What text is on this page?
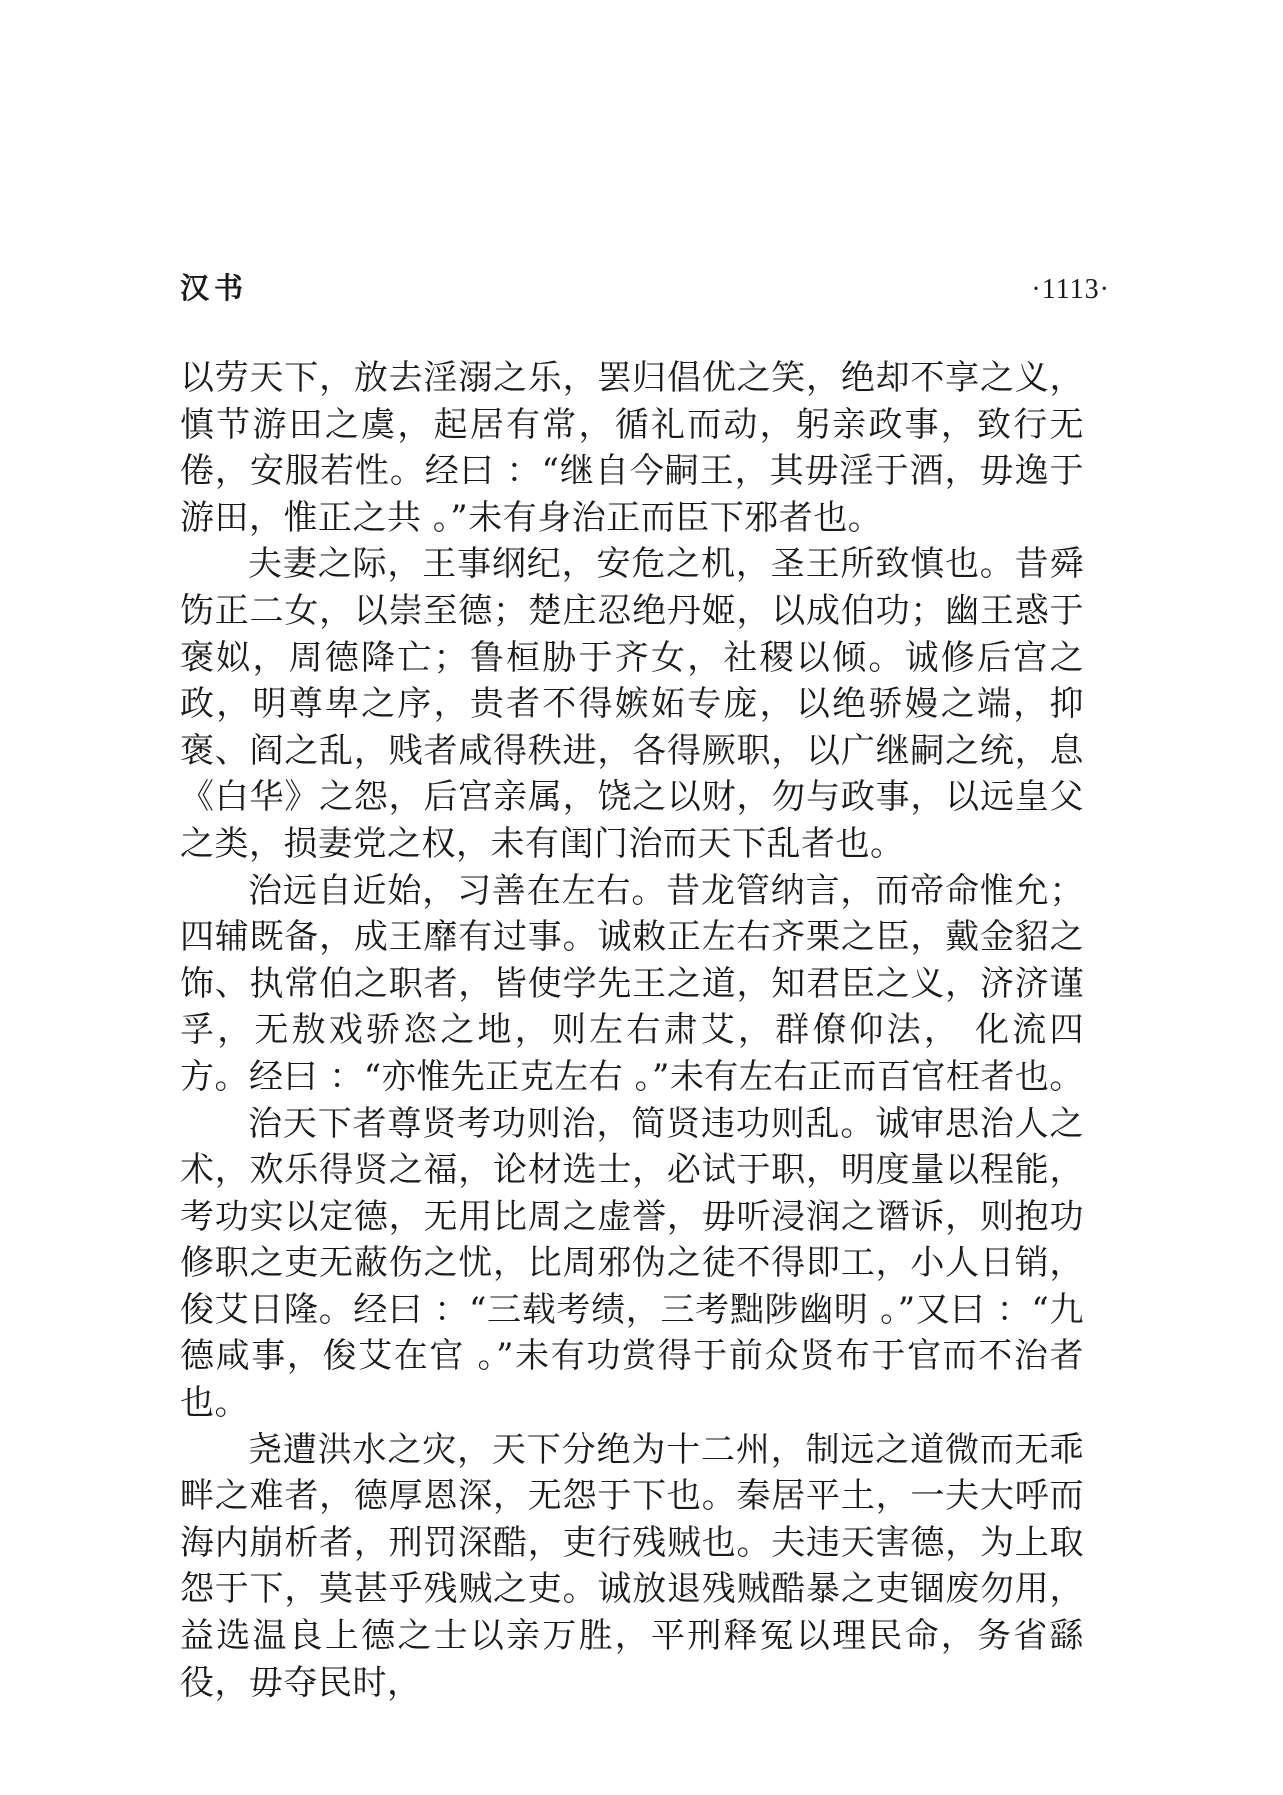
汉书	·1113·

以劳天下，放去淫溺之乐，罢归倡优之笑，绝却不享之义，慎节游田之虞，起居有常，循礼而动，躬亲政事，致行无倦，安服若性。经曰 ：“继自今嗣王，其毋淫于酒，毋逸于游田，惟正之共 。”未有身治正而臣下邪者也。

夫妻之际，王事纲纪，安危之机，圣王所致慎也。昔舜饬正二女，以崇至德；楚庄忍绝丹姬，以成伯功；幽王惑于褒姒，周德降亡；鲁桓胁于齐女，社稷以倾。诚修后宫之政，明尊卑之序，贵者不得嫉妬专庞，以绝骄嫚之端，抑褒、阎之乱，贱者咸得秩进，各得厥职，以广继嗣之统，息《白华》之怨，后宫亲属，饶之以财，勿与政事，以远皇父之类，损妻党之权，未有闺门治而天下乱者也。

治远自近始，习善在左右。昔龙管纳言，而帝命惟允；四辅既备，成王靡有过事。诚敕正左右齐栗之臣，戴金貂之饰、执常伯之职者，皆使学先王之道，知君臣之义，济济谨孚，无敖戏骄恣之地，则左右肃艾，群僚仰法， 化流四方。经曰 ：“亦惟先正克左右 。”未有左右正而百官枉者也。

治天下者尊贤考功则治，简贤违功则乱。诚审思治人之术，欢乐得贤之福，论材选士，必试于职，明度量以程能，考功实以定德，无用比周之虚誉，毋听浸润之谮诉，则抱功修职之吏无蔽伤之忧，比周邪伪之徒不得即工，小人日销，俊艾日隆。经曰 ：“三载考绩，三考黜陟幽明 。”又曰 ：“九德咸事，俊艾在官 。”未有功赏得于前众贤布于官而不治者也。

尧遭洪水之灾，天下分绝为十二州，制远之道微而无乖畔之难者，德厚恩深，无怨于下也。秦居平土，一夫大呼而海内崩析者，刑罚深酷，吏行残贼也。夫违天害德，为上取怨于下，莫甚乎残贼之吏。诚放退残贼酷暴之吏锢废勿用，益选温良上德之士以亲万胜，平刑释冤以理民命，务省繇役，毋夺民时，
